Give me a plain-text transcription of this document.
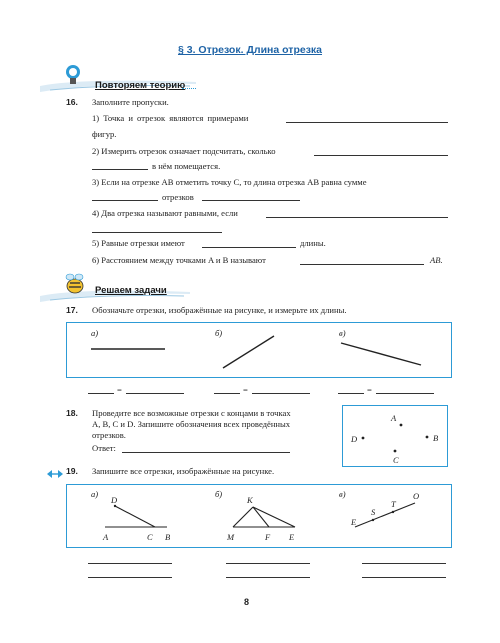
§ 3. Отрезок. Длина отрезка
Повторяем теорию
16. Заполните пропуски.
1) Точка и отрезок являются примерами
фигур.
2) Измерить отрезок означает подсчитать, сколько
в нём помещается.
3) Если на отрезке AB отметить точку C, то длина отрезка AB равна сумме
отрезков
4) Два отрезка называют равными, если
5) Равные отрезки имеют	длины.
6) Расстоянием между точками A и B называют	AB.
Решаем задачи
17. Обозначьте отрезки, изображённые на рисунке, и измерьте их длины.
а)	б)	в)
=	=	=
18. Проведите все возможные отрезки с концами в точках
A, B, C и D. Запишите обозначения всех проведённых
отрезков.
Ответ:
A
B
C
D
19. Запишите все отрезки, изображённые на рисунке.
а)	б)	в)
D
A	C B
K
M	F E
E
S
T
O
8
